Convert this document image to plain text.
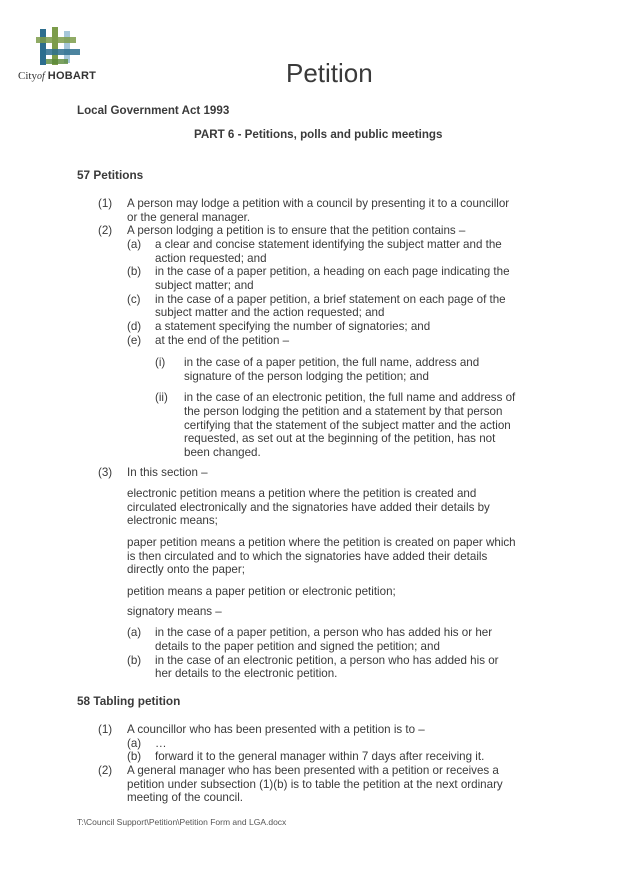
Cityof HOBART	Petition
Local Government Act 1993
PART 6 - Petitions, polls and public meetings
57 Petitions
(1) A person may lodge a petition with a council by presenting it to a councillor
or the general manager.
(2) A person lodging a petition is to ensure that the petition contains –
(a) a clear and concise statement identifying the subject matter and the
action requested; and
(b) in the case of a paper petition, a heading on each page indicating the
subject matter; and
(c) in the case of a paper petition, a brief statement on each page of the
subject matter and the action requested; and
(d) a statement specifying the number of signatories; and
(e) at the end of the petition –
(i) in the case of a paper petition, the full name, address and
signature of the person lodging the petition; and
(ii) in the case of an electronic petition, the full name and address of
the person lodging the petition and a statement by that person
certifying that the statement of the subject matter and the action
requested, as set out at the beginning of the petition, has not
been changed.
(3) In this section –
electronic petition means a petition where the petition is created and
circulated electronically and the signatories have added their details by
electronic means;
paper petition means a petition where the petition is created on paper which
is then circulated and to which the signatories have added their details
directly onto the paper;
petition means a paper petition or electronic petition;
signatory means –
(a) in the case of a paper petition, a person who has added his or her
details to the paper petition and signed the petition; and
(b) in the case of an electronic petition, a person who has added his or
her details to the electronic petition.
58 Tabling petition
(1) A councillor who has been presented with a petition is to –
(a) …
(b) forward it to the general manager within 7 days after receiving it.
(2) A general manager who has been presented with a petition or receives a
petition under subsection (1)(b) is to table the petition at the next ordinary
meeting of the council.
T:\Council Support\Petition\Petition Form and LGA.docx
